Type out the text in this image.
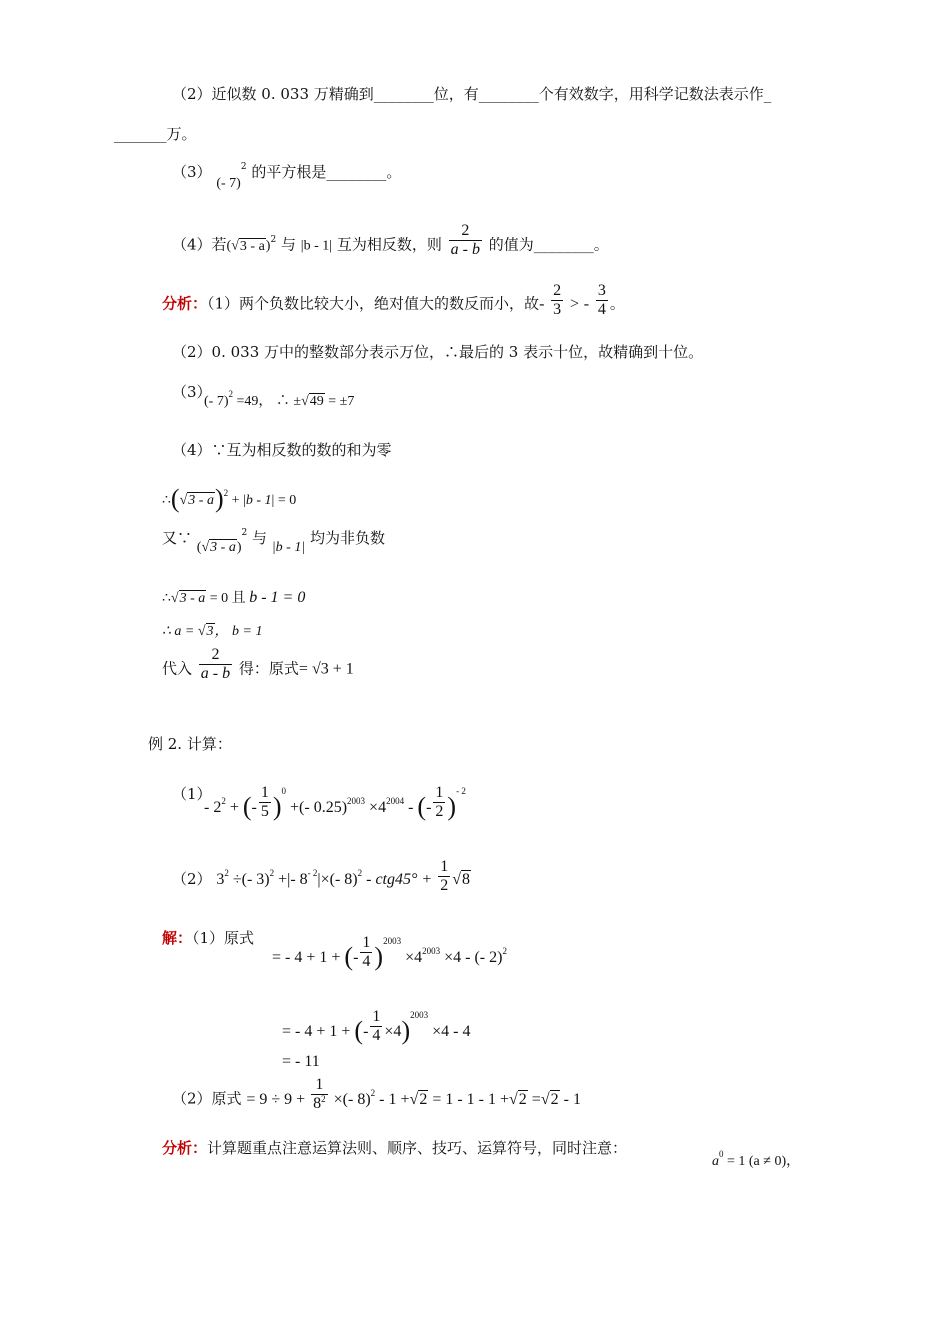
（2）近似数 0. 033 万精确到________位，有________个有效数字，用科学记数法表示作_
_______万。
（3） (- 7)$^2$ 的平方根是________。
（4）若(√3 - a)$^2$ 与 |b - 1| 互为相反数，则 $\frac{2}{a - b}$ 的值为________。
分析：（1）两个负数比较大小，绝对值大的数反而小，故- $\frac{2}{3}$ > - $\frac{3}{4}$ 。
（2）0. 033 万中的整数部分表示万位，∴最后的 3 表示十位，故精确到十位。
（3）
(- 7)$^2$ =49， ∴ ±√49 = ±7
（4）∵互为相反数的数的和为零
∴(√3 - a)$^2$ + |b - 1| = 0
又∵ (√3 - a)$^2$ 与 |b - 1| 均为非负数
∴√3 - a = 0 且 b - 1 = 0
∴ a = √3， b = 1
代入 $\frac{2}{a - b}$ 得：原式= √3 + 1
例 2. 计算：
（1）
- $2^2$ + (- $\frac{1}{5} )^0$ +(- $0.25)^{2003} \times 4^{2004}$ - (- $\frac{1}{2} )^{- 2}$
（2） $3^2$ ÷(- 3)$^2$ +|- $8^{- 2}|\times(-$ $8)^2 - ctg45^\circ + \frac{1}{2} √8$
解：（1）原式
= - 4 + 1 + (- $\frac{1}{4} )^{2003} \times 4^{2003} \times 4$ - (- 2)$^2$
= - 4 + 1 + (- $\frac{1}{4} \times 4)^{2003} \times 4 - 4$
= - 11
（2）原式 = $9 \div 9 + \frac{1}{8^2}$ ×(- 8)$^2$ - 1 +√2 = 1 - 1 - 1 +√2 =√2 - 1
分析：计算题重点注意运算法则、顺序、技巧、运算符号，同时注意：
$a^0 = 1$ (a ≠ 0)，
